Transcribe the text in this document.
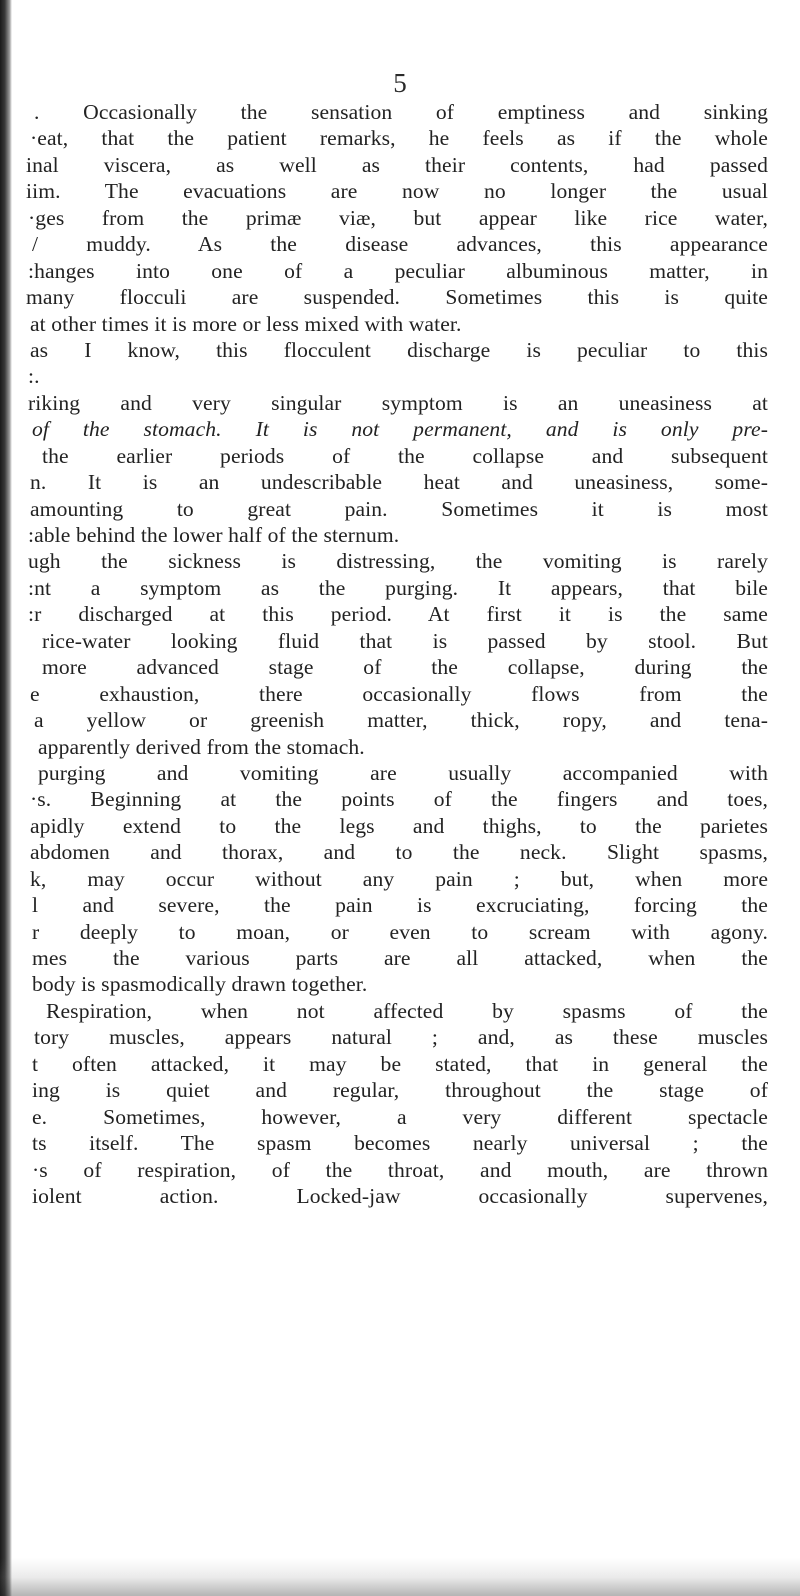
5
. Occasionally the sensation of emptiness and sinking
·eat, that the patient remarks, he feels as if the whole
inal viscera, as well as their contents, had passed
iim. The evacuations are now no longer the usual
·ges from the primæ viæ, but appear like rice water,
/ muddy. As the disease advances, this appearance
:hanges into one of a peculiar albuminous matter, in
many flocculi are suspended. Sometimes this is quite
at other times it is more or less mixed with water.
as I know, this flocculent discharge is peculiar to this
:.
riking and very singular symptom is an uneasiness at
of the stomach. It is not permanent, and is only pre-
the earlier periods of the collapse and subsequent
n. It is an undescribable heat and uneasiness, some-
amounting to great pain. Sometimes it is most
:able behind the lower half of the sternum.
ugh the sickness is distressing, the vomiting is rarely
:nt a symptom as the purging. It appears, that bile
:r discharged at this period. At first it is the same
rice-water looking fluid that is passed by stool. But
more advanced stage of the collapse, during the
e exhaustion, there occasionally flows from the
a yellow or greenish matter, thick, ropy, and tena-
apparently derived from the stomach.
purging and vomiting are usually accompanied with
·s. Beginning at the points of the fingers and toes,
apidly extend to the legs and thighs, to the parietes
abdomen and thorax, and to the neck. Slight spasms,
k, may occur without any pain ; but, when more
l and severe, the pain is excruciating, forcing the
r deeply to moan, or even to scream with agony.
mes the various parts are all attacked, when the
body is spasmodically drawn together.
Respiration, when not affected by spasms of the
tory muscles, appears natural ; and, as these muscles
t often attacked, it may be stated, that in general the
ing is quiet and regular, throughout the stage of
e. Sometimes, however, a very different spectacle
ts itself. The spasm becomes nearly universal ; the
·s of respiration, of the throat, and mouth, are thrown
iolent action. Locked-jaw occasionally supervenes,
